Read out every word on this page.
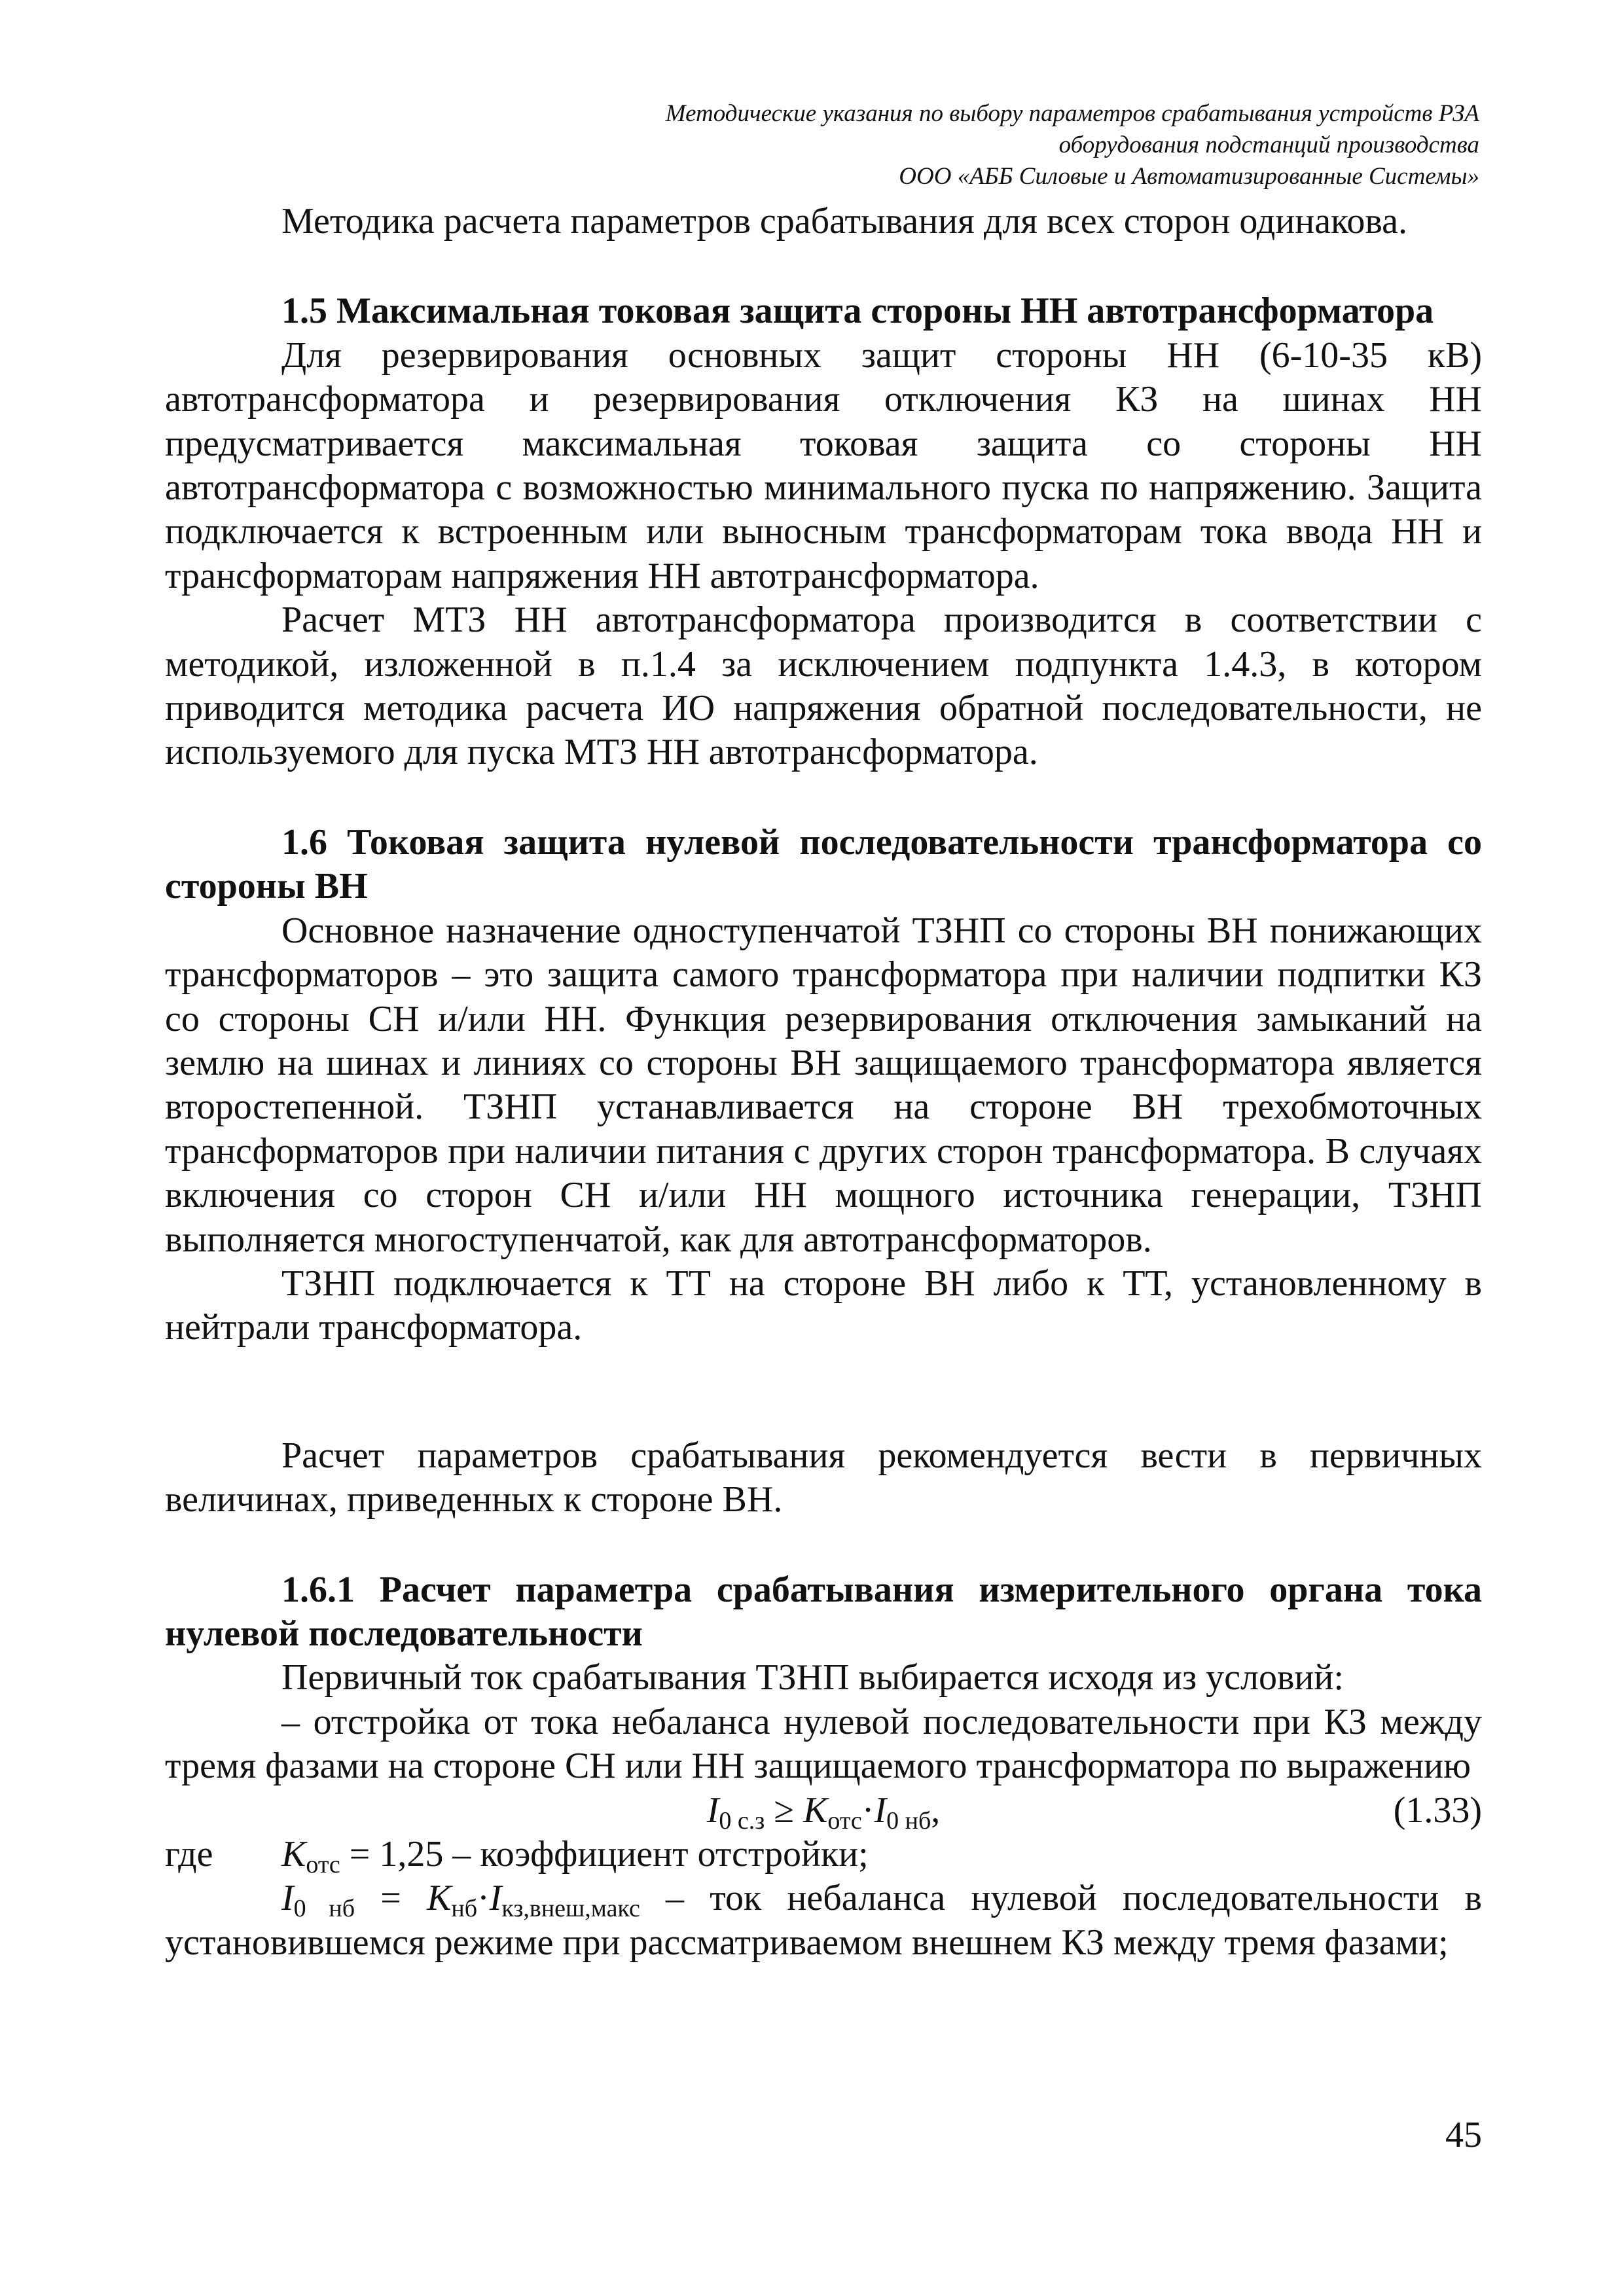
Методические указания по выбору параметров срабатывания устройств РЗА
оборудования подстанций производства
ООО «АББ Силовые и Автоматизированные Системы»

Методика расчета параметров срабатывания для всех сторон одинакова.

1.5 Максимальная токовая защита стороны НН автотрансформатора

Для резервирования основных защит стороны НН (6-10-35 кВ) автотрансформатора и резервирования отключения КЗ на шинах НН предусматривается максимальная токовая защита со стороны НН автотрансформатора с возможностью минимального пуска по напряжению. Защита подключается к встроенным или выносным трансформаторам тока ввода НН и трансформаторам напряжения НН автотрансформатора.

Расчет МТЗ НН автотрансформатора производится в соответствии с методикой, изложенной в п.1.4 за исключением подпункта 1.4.3, в котором приводится методика расчета ИО напряжения обратной последовательности, не используемого для пуска МТЗ НН автотрансформатора.

1.6 Токовая защита нулевой последовательности трансформатора со стороны ВН

Основное назначение одноступенчатой ТЗНП со стороны ВН понижающих трансформаторов – это защита самого трансформатора при наличии подпитки КЗ со стороны СН и/или НН. Функция резервирования отключения замыканий на землю на шинах и линиях со стороны ВН защищаемого трансформатора является второстепенной. ТЗНП устанавливается на стороне ВН трехобмоточных трансформаторов при наличии питания с других сторон трансформатора. В случаях включения со сторон СН и/или НН мощного источника генерации, ТЗНП выполняется многоступенчатой, как для автотрансформаторов.

ТЗНП подключается к ТТ на стороне ВН либо к ТТ, установленному в нейтрали трансформатора.

Расчет параметров срабатывания рекомендуется вести в первичных величинах, приведенных к стороне ВН.

1.6.1 Расчет параметра срабатывания измерительного органа тока нулевой последовательности

Первичный ток срабатывания ТЗНП выбирается исходя из условий:

– отстройка от тока небаланса нулевой последовательности при КЗ между тремя фазами на стороне СН или НН защищаемого трансформатора по выражению

$I_{0 с.з} \ge K_{отс}\cdot I_{0 нб}$,	(1.33)
где $K_{отс} = 1,25$ – коэффициент отстройки;

$I_{0 нб} = K_{нб}\cdot I_{кз,внеш,макс}$ – ток небаланса нулевой последовательности в установившемся режиме при рассматриваемом внешнем КЗ между тремя фазами;

45
